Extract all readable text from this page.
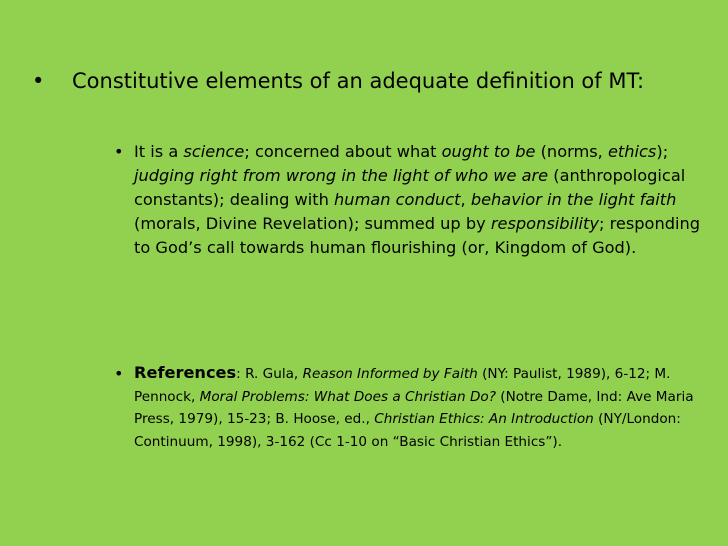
• Constitutive elements of an adequate definition of MT:
• It is a science; concerned about what ought to be (norms, ethics); judging right from wrong in the light of who we are (anthropological constants); dealing with human conduct, behavior in the light faith (morals, Divine Revelation); summed up by responsibility; responding to God’s call towards human flourishing (or, Kingdom of God).
• References: R. Gula, Reason Informed by Faith (NY: Paulist, 1989), 6-12; M. Pennock, Moral Problems: What Does a Christian Do? (Notre Dame, Ind: Ave Maria Press, 1979), 15-23; B. Hoose, ed., Christian Ethics: An Introduction (NY/London: Continuum, 1998), 3-162 (Cc 1-10 on “Basic Christian Ethics”).
